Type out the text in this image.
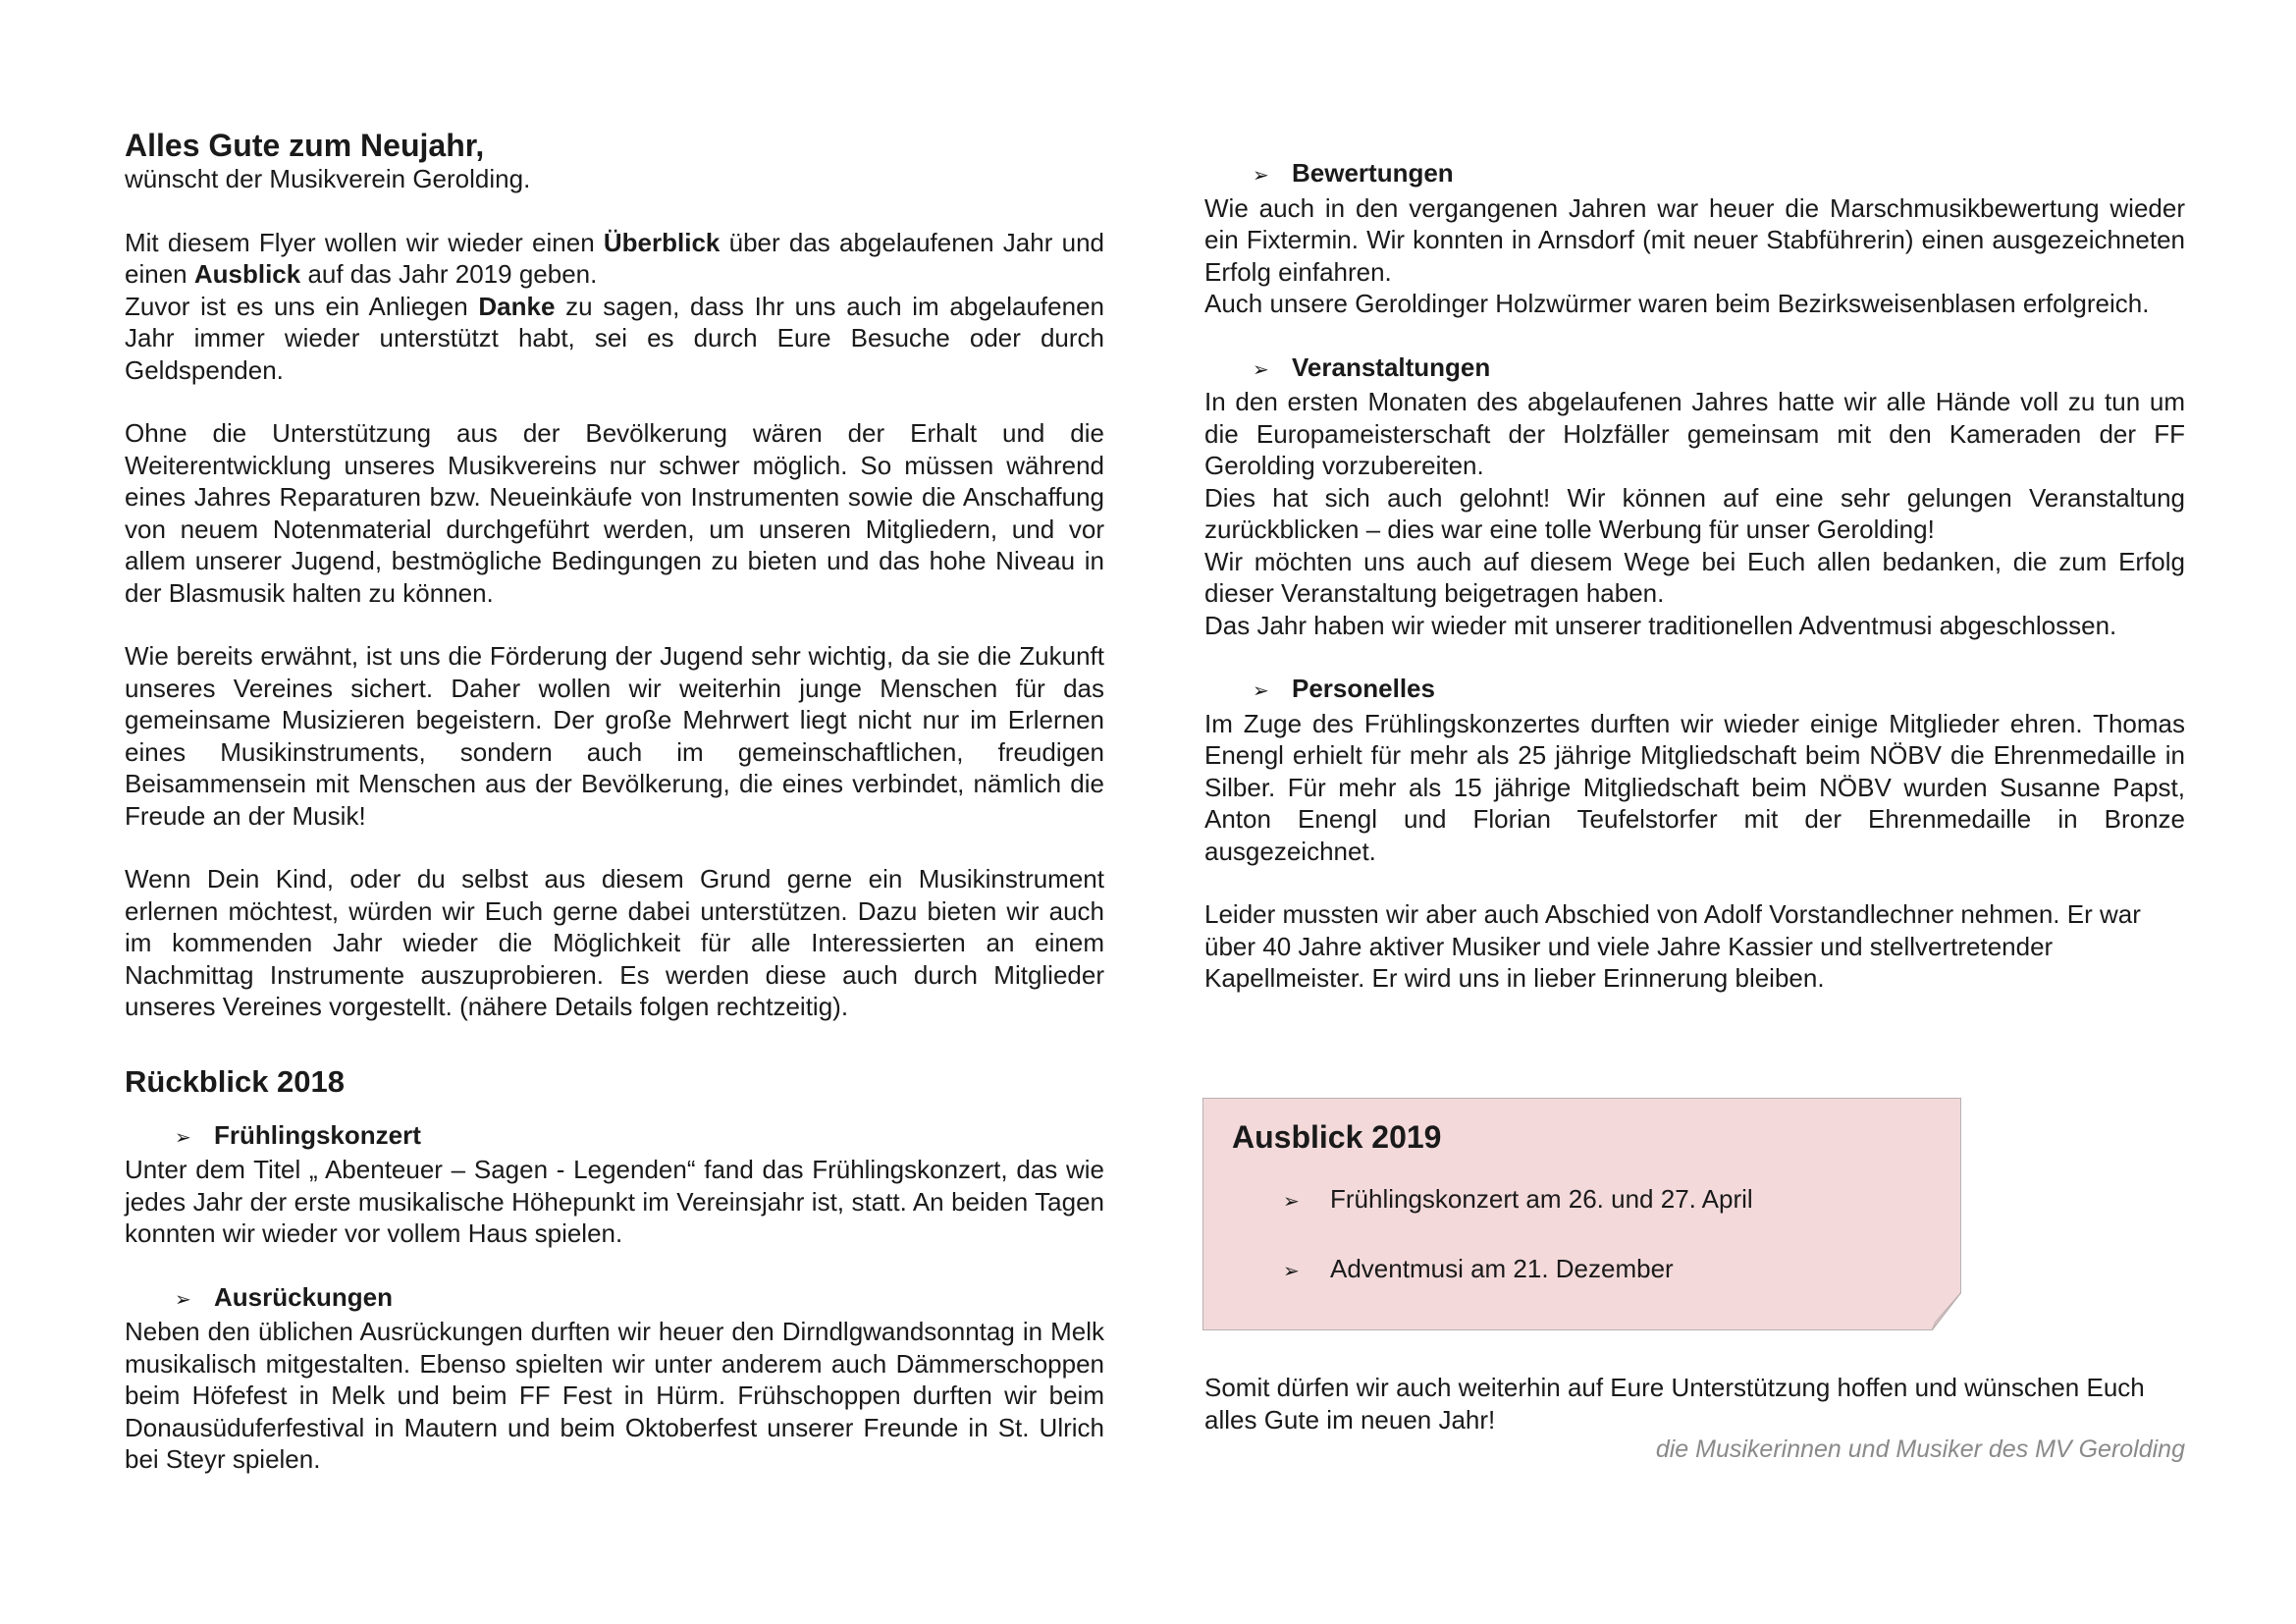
Alles Gute zum Neujahr,

wünscht der Musikverein Gerolding.

Mit diesem Flyer wollen wir wieder einen Überblick über das abgelaufenen Jahr und einen Ausblick auf das Jahr 2019 geben.

Zuvor ist es uns ein Anliegen Danke zu sagen, dass Ihr uns auch im abgelaufenen Jahr immer wieder unterstützt habt, sei es durch Eure Besuche oder durch Geldspenden.

Ohne die Unterstützung aus der Bevölkerung wären der Erhalt und die Weiterentwicklung unseres Musikvereins nur schwer möglich. So müssen während eines Jahres Reparaturen bzw. Neueinkäufe von Instrumenten sowie die Anschaffung von neuem Notenmaterial durchgeführt werden, um unseren Mitgliedern, und vor allem unserer Jugend, bestmögliche Bedingungen zu bieten und das hohe Niveau in der Blasmusik halten zu können.

Wie bereits erwähnt, ist uns die Förderung der Jugend sehr wichtig, da sie die Zukunft unseres Vereines sichert. Daher wollen wir weiterhin junge Menschen für das gemeinsame Musizieren begeistern. Der große Mehrwert liegt nicht nur im Erlernen eines Musikinstruments, sondern auch im gemeinschaftlichen, freudigen Beisammensein mit Menschen aus der Bevölkerung, die eines verbindet, nämlich die Freude an der Musik!

Wenn Dein Kind, oder du selbst aus diesem Grund gerne ein Musikinstrument erlernen möchtest, würden wir Euch gerne dabei unterstützen. Dazu bieten wir auch im kommenden Jahr wieder die Möglichkeit für alle Interessierten an einem Nachmittag Instrumente auszuprobieren. Es werden diese auch durch Mitglieder unseres Vereines vorgestellt. (nähere Details folgen rechtzeitig).

Rückblick 2018
➢ Frühlingskonzert

Unter dem Titel „ Abenteuer – Sagen - Legenden“ fand das Frühlingskonzert, das wie jedes Jahr der erste musikalische Höhepunkt im Vereinsjahr ist, statt. An beiden Tagen konnten wir wieder vor vollem Haus spielen.

➢ Ausrückungen

Neben den üblichen Ausrückungen durften wir heuer den Dirndlgwandsonntag in Melk musikalisch mitgestalten. Ebenso spielten wir unter anderem auch Dämmerschoppen beim Höfefest in Melk und beim FF Fest in Hürm. Frühschoppen durften wir beim Donausüduferfestival in Mautern und beim Oktoberfest unserer Freunde in St. Ulrich bei Steyr spielen.

➢ Bewertungen

Wie auch in den vergangenen Jahren war heuer die Marschmusikbewertung wieder ein Fixtermin. Wir konnten in Arnsdorf (mit neuer Stabführerin) einen ausgezeichneten Erfolg einfahren.

Auch unsere Geroldinger Holzwürmer waren beim Bezirksweisenblasen erfolgreich.

➢ Veranstaltungen

In den ersten Monaten des abgelaufenen Jahres hatte wir alle Hände voll zu tun um die Europameisterschaft der Holzfäller gemeinsam mit den Kameraden der FF Gerolding vorzubereiten.

Dies hat sich auch gelohnt! Wir können auf eine sehr gelungen Veranstaltung zurückblicken – dies war eine tolle Werbung für unser Gerolding!

Wir möchten uns auch auf diesem Wege bei Euch allen bedanken, die zum Erfolg dieser Veranstaltung beigetragen haben.

Das Jahr haben wir wieder mit unserer traditionellen Adventmusi abgeschlossen.

➢ Personelles

Im Zuge des Frühlingskonzertes durften wir wieder einige Mitglieder ehren. Thomas Enengl erhielt für mehr als 25 jährige Mitgliedschaft beim NÖBV die Ehrenmedaille in Silber. Für mehr als 15 jährige Mitgliedschaft beim NÖBV wurden Susanne Papst, Anton Enengl und Florian Teufelstorfer mit der Ehrenmedaille in Bronze ausgezeichnet.

Leider mussten wir aber auch Abschied von Adolf Vorstandlechner nehmen. Er war über 40 Jahre aktiver Musiker und viele Jahre Kassier und stellvertretender Kapellmeister. Er wird uns in lieber Erinnerung bleiben.

Ausblick 2019
➢ Frühlingskonzert am 26. und 27. April
➢ Adventmusi am 21. Dezember

Somit dürfen wir auch weiterhin auf Eure Unterstützung hoffen und wünschen Euch alles Gute im neuen Jahr!

die Musikerinnen und Musiker des MV Gerolding
